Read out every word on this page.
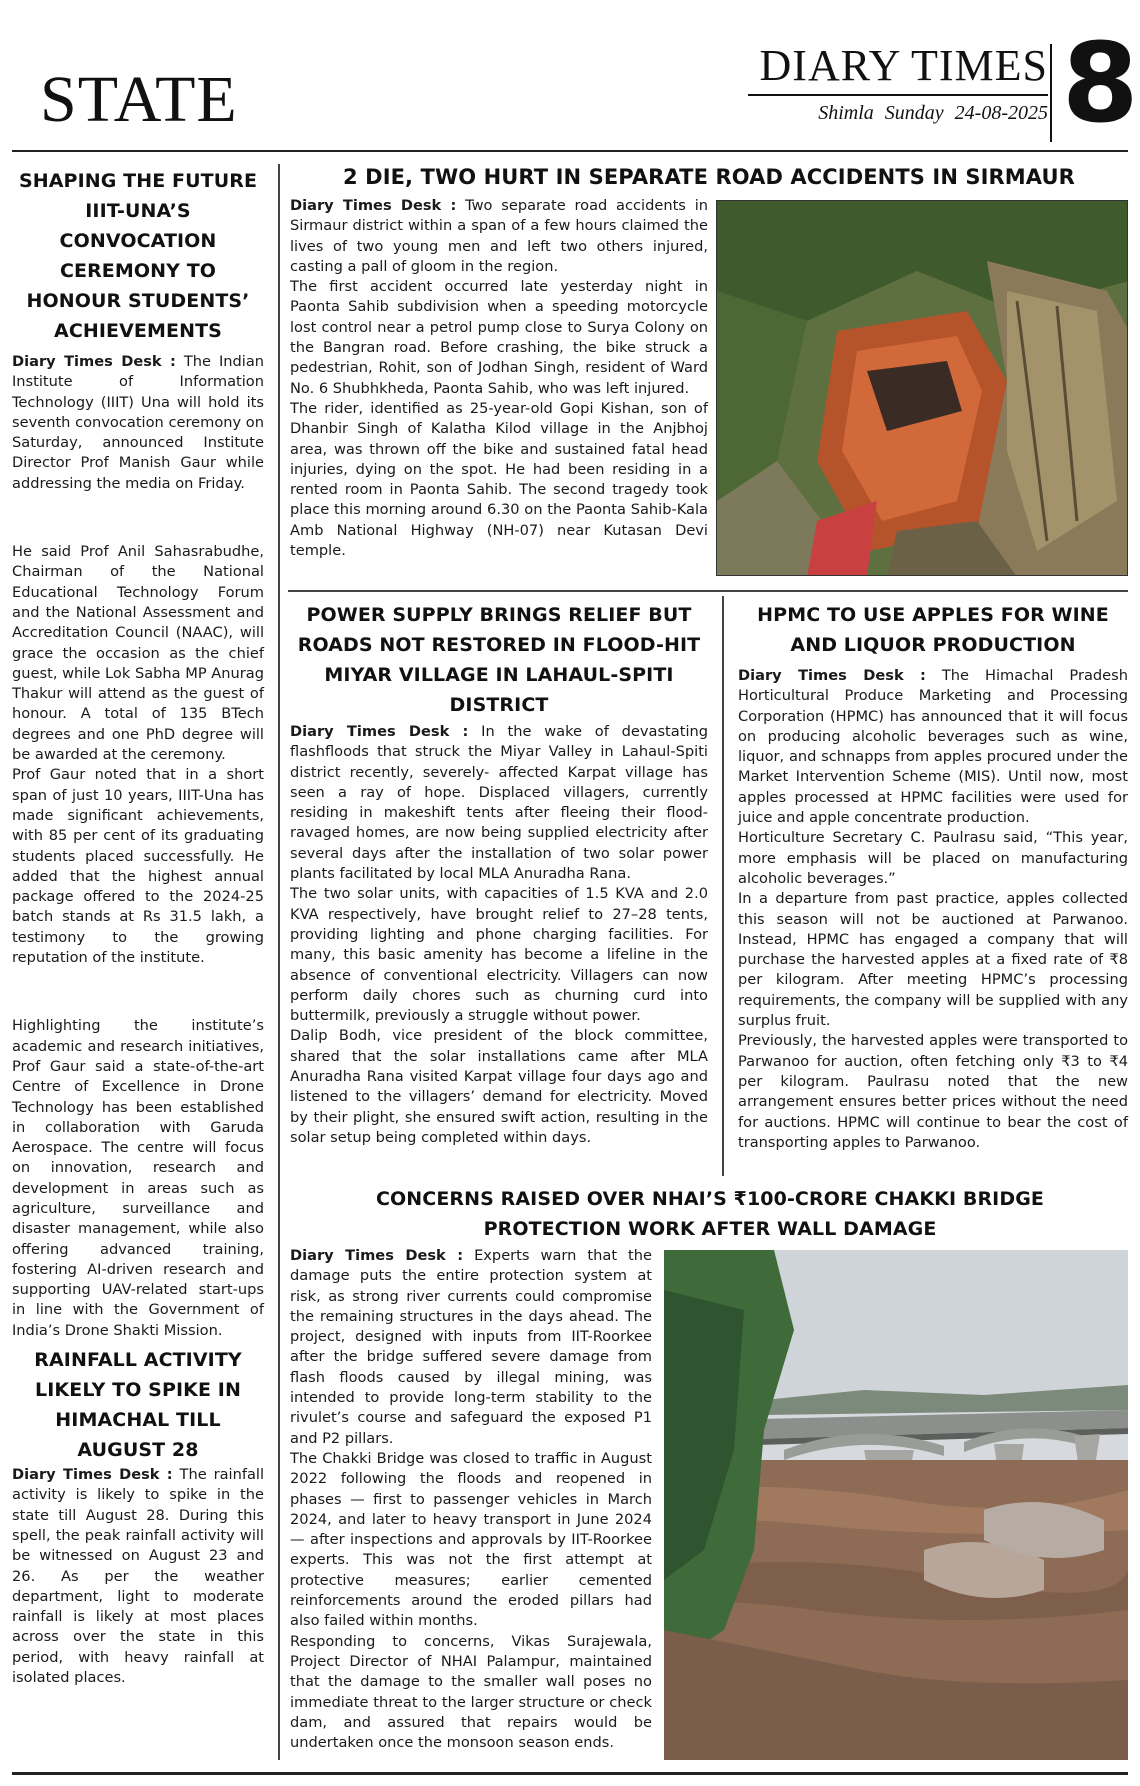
STATE	DIARY TIMES
Shimla Sunday 24-08-2025 8
SHAPING THE FUTURE IIIT-UNA’S CONVOCATION CEREMONY TO HONOUR STUDENTS’ ACHIEVEMENTS

Diary Times Desk : The Indian Institute of Information Technology (IIIT) Una will hold its seventh convocation ceremony on Saturday, announced Institute Director Prof Manish Gaur while addressing the media on Friday.

He said Prof Anil Sahasrabudhe, Chairman of the National Educational Technology Forum and the National Assessment and Accreditation Council (NAAC), will grace the occasion as the chief guest, while Lok Sabha MP Anurag Thakur will attend as the guest of honour. A total of 135 BTech degrees and one PhD degree will be awarded at the ceremony.

Prof Gaur noted that in a short span of just 10 years, IIIT-Una has made significant achievements, with 85 per cent of its graduating students placed successfully. He added that the highest annual package offered to the 2024-25 batch stands at Rs 31.5 lakh, a testimony to the growing reputation of the institute.

Highlighting the institute’s academic and research initiatives, Prof Gaur said a state-of-the-art Centre of Excellence in Drone Technology has been established in collaboration with Garuda Aerospace. The centre will focus on innovation, research and development in areas such as agriculture, surveillance and disaster management, while also offering advanced training, fostering AI-driven research and supporting UAV-related start-ups in line with the Government of India’s Drone Shakti Mission.

RAINFALL ACTIVITY LIKELY TO SPIKE IN HIMACHAL TILL AUGUST 28

Diary Times Desk : The rainfall activity is likely to spike in the state till August 28. During this spell, the peak rainfall activity will be witnessed on August 23 and 26. As per the weather department, light to moderate rainfall is likely at most places across over the state in this period, with heavy rainfall at isolated places.

2 DIE, TWO HURT IN SEPARATE ROAD ACCIDENTS IN SIRMAUR

Diary Times Desk : Two separate road accidents in Sirmaur district within a span of a few hours claimed the lives of two young men and left two others injured, casting a pall of gloom in the region.

The first accident occurred late yesterday night in Paonta Sahib subdivision when a speeding motorcycle lost control near a petrol pump close to Surya Colony on the Bangran road. Before crashing, the bike struck a pedestrian, Rohit, son of Jodhan Singh, resident of Ward No. 6 Shubhkheda, Paonta Sahib, who was left injured.

The rider, identified as 25-year-old Gopi Kishan, son of Dhanbir Singh of Kalatha Kilod village in the Anjbhoj area, was thrown off the bike and sustained fatal head injuries, dying on the spot. He had been residing in a rented room in Paonta Sahib. The second tragedy took place this morning around 6.30 on the Paonta Sahib-Kala Amb National Highway (NH-07) near Kutasan Devi temple.

POWER SUPPLY BRINGS RELIEF BUT ROADS NOT RESTORED IN FLOOD-HIT MIYAR VILLAGE IN LAHAUL-SPITI DISTRICT

Diary Times Desk : In the wake of devastating flashfloods that struck the Miyar Valley in Lahaul-Spiti district recently, severely- affected Karpat village has seen a ray of hope. Displaced villagers, currently residing in makeshift tents after fleeing their flood-ravaged homes, are now being supplied electricity after several days after the installation of two solar power plants facilitated by local MLA Anuradha Rana.

The two solar units, with capacities of 1.5 KVA and 2.0 KVA respectively, have brought relief to 27–28 tents, providing lighting and phone charging facilities. For many, this basic amenity has become a lifeline in the absence of conventional electricity. Villagers can now perform daily chores such as churning curd into buttermilk, previously a struggle without power.

Dalip Bodh, vice president of the block committee, shared that the solar installations came after MLA Anuradha Rana visited Karpat village four days ago and listened to the villagers’ demand for electricity. Moved by their plight, she ensured swift action, resulting in the solar setup being completed within days.

HPMC TO USE APPLES FOR WINE AND LIQUOR PRODUCTION

Diary Times Desk : The Himachal Pradesh Horticultural Produce Marketing and Processing Corporation (HPMC) has announced that it will focus on producing alcoholic beverages such as wine, liquor, and schnapps from apples procured under the Market Intervention Scheme (MIS). Until now, most apples processed at HPMC facilities were used for juice and apple concentrate production.

Horticulture Secretary C. Paulrasu said, “This year, more emphasis will be placed on manufacturing alcoholic beverages.”

In a departure from past practice, apples collected this season will not be auctioned at Parwanoo. Instead, HPMC has engaged a company that will purchase the harvested apples at a fixed rate of ₹8 per kilogram. After meeting HPMC’s processing requirements, the company will be supplied with any surplus fruit.

Previously, the harvested apples were transported to Parwanoo for auction, often fetching only ₹3 to ₹4 per kilogram. Paulrasu noted that the new arrangement ensures better prices without the need for auctions. HPMC will continue to bear the cost of transporting apples to Parwanoo.

CONCERNS RAISED OVER NHAI’S ₹100-CRORE CHAKKI BRIDGE PROTECTION WORK AFTER WALL DAMAGE

Diary Times Desk : Experts warn that the damage puts the entire protection system at risk, as strong river currents could compromise the remaining structures in the days ahead. The project, designed with inputs from IIT-Roorkee after the bridge suffered severe damage from flash floods caused by illegal mining, was intended to provide long-term stability to the rivulet’s course and safeguard the exposed P1 and P2 pillars.

The Chakki Bridge was closed to traffic in August 2022 following the floods and reopened in phases — first to passenger vehicles in March 2024, and later to heavy transport in June 2024 — after inspections and approvals by IIT-Roorkee experts. This was not the first attempt at protective measures; earlier cemented reinforcements around the eroded pillars had also failed within months.

Responding to concerns, Vikas Surajewala, Project Director of NHAI Palampur, maintained that the damage to the smaller wall poses no immediate threat to the larger structure or check dam, and assured that repairs would be undertaken once the monsoon season ends.
